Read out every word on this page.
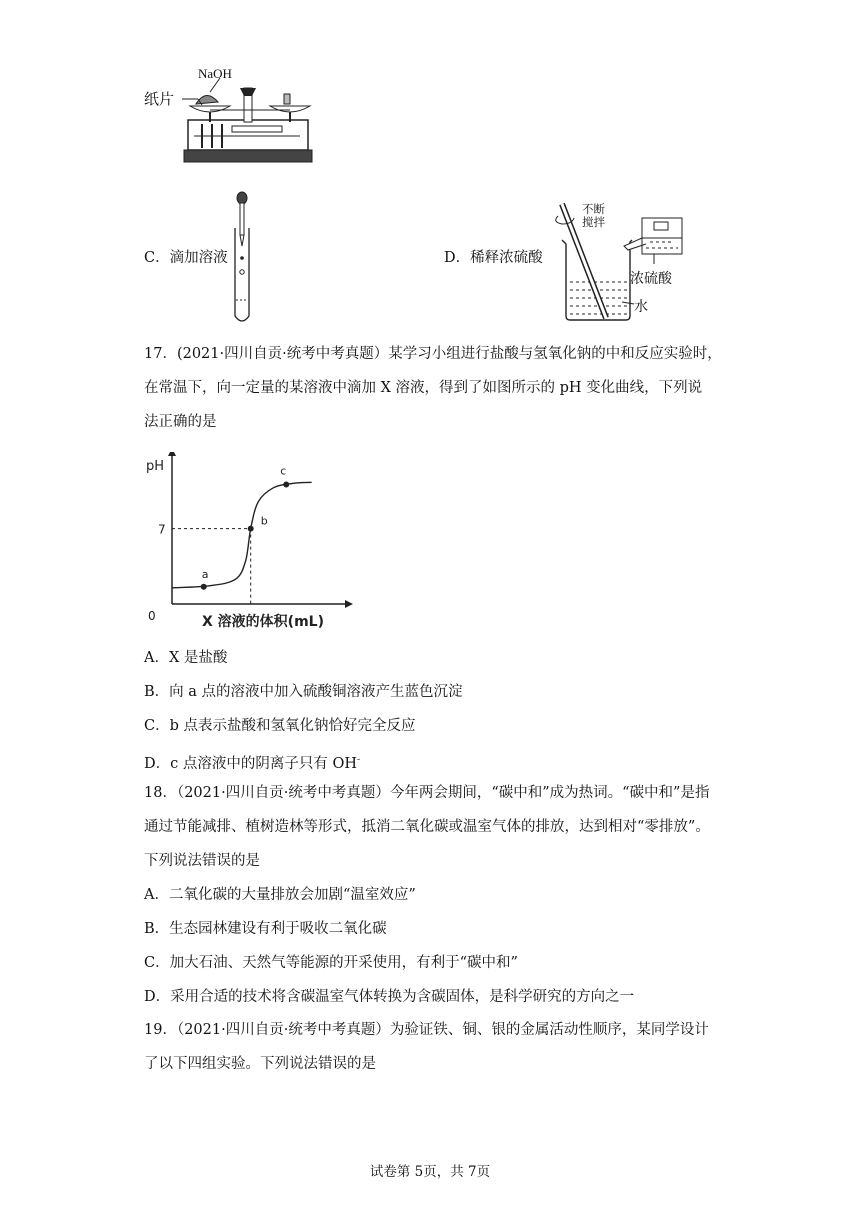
NaOH
纸片
C．滴加溶液	D．稀释浓硫酸
不断
搅拌
浓硫酸
水
17．(2021·四川自贡·统考中考真题）某学习小组进行盐酸与氢氧化钠的中和反应实验时，
在常温下，向一定量的某溶液中滴加 X 溶液，得到了如图所示的 pH 变化曲线，下列说
法正确的是
pH
0	X 溶液的体积(mL)
7
a
b
c
A．X 是盐酸
B．向 a 点的溶液中加入硫酸铜溶液产生蓝色沉淀
C．b 点表示盐酸和氢氧化钠恰好完全反应
D．c 点溶液中的阴离子只有 OH-
18．（2021·四川自贡·统考中考真题）今年两会期间，“碳中和”成为热词。“碳中和”是指
通过节能减排、植树造林等形式，抵消二氧化碳或温室气体的排放，达到相对“零排放”。
下列说法错误的是
A．二氧化碳的大量排放会加剧“温室效应”
B．生态园林建设有利于吸收二氧化碳
C．加大石油、天然气等能源的开采使用，有利于“碳中和”
D．采用合适的技术将含碳温室气体转换为含碳固体，是科学研究的方向之一
19．（2021·四川自贡·统考中考真题）为验证铁、铜、银的金属活动性顺序，某同学设计
了以下四组实验。下列说法错误的是
试卷第 5页，共 7页
